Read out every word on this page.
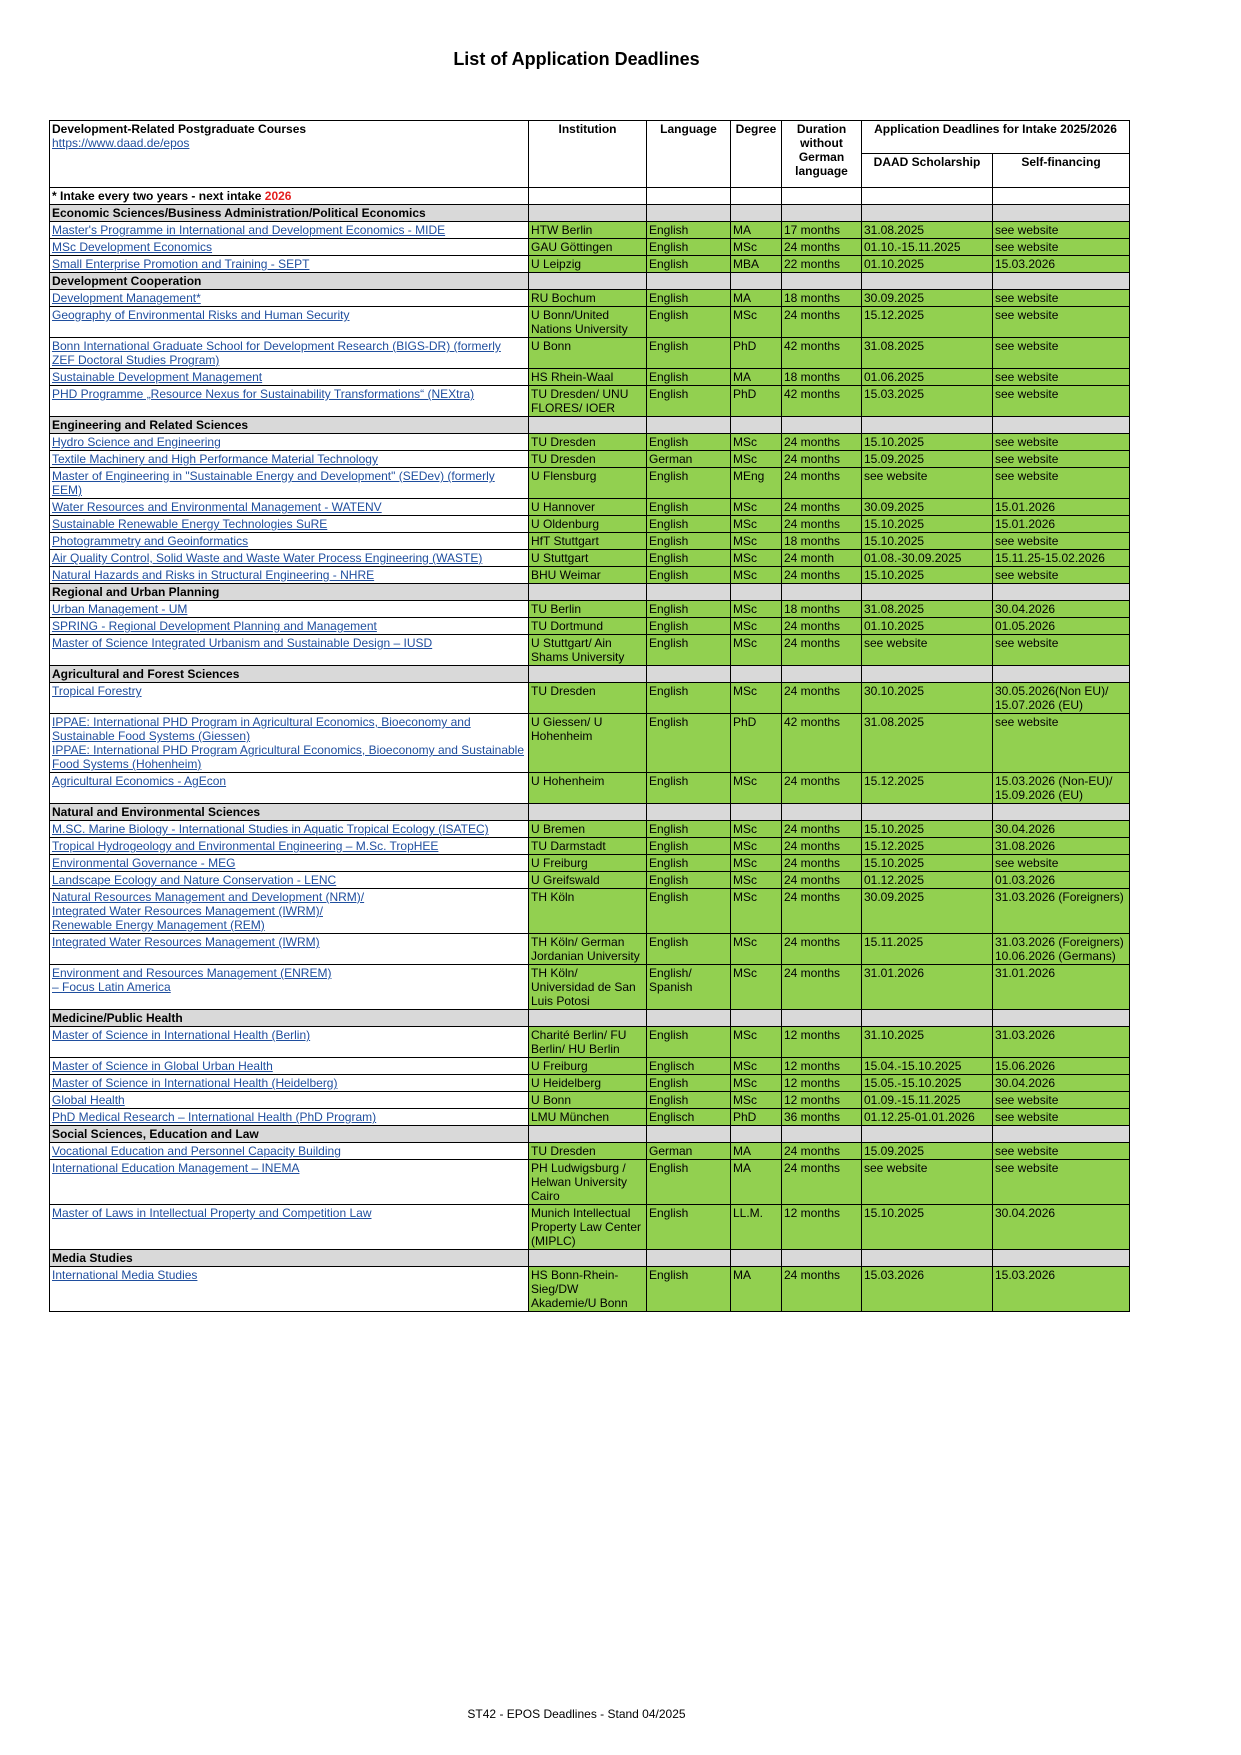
List of Application Deadlines
Development-Related Postgraduate Courses
https://www.daad.de/epos	Institution	Language	Degree	Duration without German language	Application Deadlines for Intake 2025/2026	
					DAAD Scholarship	Self-financing
* Intake every two years - next intake 2026						
Economic Sciences/Business Administration/Political Economics						

Master's Programme in International and Development Economics - MIDE	HTW Berlin	English	MA	17 months	31.08.2025	see website

MSc Development Economics	GAU Göttingen	English	MSc	24 months	01.10.-15.11.2025	see website

Small Enterprise Promotion and Training - SEPT	U Leipzig	English	MBA	22 months	01.10.2025	15.03.2026
Development Cooperation						

Development Management*	RU Bochum	English	MA	18 months	30.09.2025	see website

Geography of Environmental Risks and Human Security	U Bonn/United Nations University	English	MSc	24 months	15.12.2025	see website

Bonn International Graduate School for Development Research (BIGS-DR) (formerly ZEF Doctoral Studies Program)	U Bonn	English	PhD	42 months	31.08.2025	see website

Sustainable Development Management	HS Rhein-Waal	English	MA	18 months	01.06.2025	see website

PHD Programme „Resource Nexus for Sustainability Transformations“ (NEXtra)	TU Dresden/ UNU FLORES/ IOER	English	PhD	42 months	15.03.2025	see website
Engineering and Related Sciences						

Hydro Science and Engineering	TU Dresden	English	MSc	24 months	15.10.2025	see website

Textile Machinery and High Performance Material Technology	TU Dresden	German	MSc	24 months	15.09.2025	see website

Master of Engineering in "Sustainable Energy and Development" (SEDev) (formerly EEM)	U Flensburg	English	MEng	24 months	see website	see website

Water Resources and Environmental Management - WATENV	U Hannover	English	MSc	24 months	30.09.2025	15.01.2026

Sustainable Renewable Energy Technologies SuRE	U Oldenburg	English	MSc	24 months	15.10.2025	15.01.2026

Photogrammetry and Geoinformatics	HfT Stuttgart	English	MSc	18 months	15.10.2025	see website

Air Quality Control, Solid Waste and Waste Water Process Engineering (WASTE)	U Stuttgart	English	MSc	24 month	01.08.-30.09.2025	15.11.25-15.02.2026

Natural Hazards and Risks in Structural Engineering - NHRE	BHU Weimar	English	MSc	24 months	15.10.2025	see website
Regional and Urban Planning						

Urban Management - UM	TU Berlin	English	MSc	18 months	31.08.2025	30.04.2026

SPRING - Regional Development Planning and Management	TU Dortmund	English	MSc	24 months	01.10.2025	01.05.2026

Master of Science Integrated Urbanism and Sustainable Design – IUSD	U Stuttgart/ Ain Shams University	English	MSc	24 months	see website	see website
Agricultural and Forest Sciences						

Tropical Forestry	TU Dresden	English	MSc	24 months	30.10.2025	30.05.2026(Non EU)/ 15.07.2026 (EU)

IPPAE: International PHD Program in Agricultural Economics, Bioeconomy and Sustainable Food Systems (Giessen)
IPPAE: International PHD Program Agricultural Economics, Bioeconomy and Sustainable Food Systems (Hohenheim)	U Giessen/ U Hohenheim	English	PhD	42 months	31.08.2025	see website

Agricultural Economics - AgEcon	U Hohenheim	English	MSc	24 months	15.12.2025	15.03.2026 (Non-EU)/ 15.09.2026 (EU)
Natural and Environmental Sciences						

M.SC. Marine Biology - International Studies in Aquatic Tropical Ecology (ISATEC)	U Bremen	English	MSc	24 months	15.10.2025	30.04.2026

Tropical Hydrogeology and Environmental Engineering – M.Sc. TropHEE	TU Darmstadt	English	MSc	24 months	15.12.2025	31.08.2026

Environmental Governance - MEG	U Freiburg	English	MSc	24 months	15.10.2025	see website

Landscape Ecology and Nature Conservation - LENC	U Greifswald	English	MSc	24 months	01.12.2025	01.03.2026

Natural Resources Management and Development (NRM)/
Integrated Water Resources Management (IWRM)/
Renewable Energy Management (REM)	TH Köln	English	MSc	24 months	30.09.2025	31.03.2026 (Foreigners)

Integrated Water Resources Management (IWRM)	TH Köln/ German Jordanian University	English	MSc	24 months	15.11.2025	31.03.2026 (Foreigners) 10.06.2026 (Germans)

Environment and Resources Management (ENREM)
– Focus Latin America	TH Köln/ Universidad de San Luis Potosi	English/ Spanish	MSc	24 months	31.01.2026	31.01.2026
Medicine/Public Health						

Master of Science in International Health (Berlin)	Charité Berlin/ FU Berlin/ HU Berlin	English	MSc	12 months	31.10.2025	31.03.2026

Master of Science in Global Urban Health	U Freiburg	Englisch	MSc	12 months	15.04.-15.10.2025	15.06.2026

Master of Science in International Health (Heidelberg)	U Heidelberg	English	MSc	12 months	15.05.-15.10.2025	30.04.2026

Global Health	U Bonn	English	MSc	12 months	01.09.-15.11.2025	see website

PhD Medical Research – International Health (PhD Program)	LMU München	Englisch	PhD	36 months	01.12.25-01.01.2026	see website
Social Sciences, Education and Law						

Vocational Education and Personnel Capacity Building	TU Dresden	German	MA	24 months	15.09.2025	see website

International Education Management – INEMA	PH Ludwigsburg / Helwan University Cairo	English	MA	24 months	see website	see website

Master of Laws in Intellectual Property and Competition Law	Munich Intellectual Property Law Center (MIPLC)	English	LL.M.	12 months	15.10.2025	30.04.2026
Media Studies						

International Media Studies	HS Bonn-Rhein-Sieg/DW Akademie/U Bonn	English	MA	24 months	15.03.2026	15.03.2026
ST42 - EPOS Deadlines - Stand 04/2025
